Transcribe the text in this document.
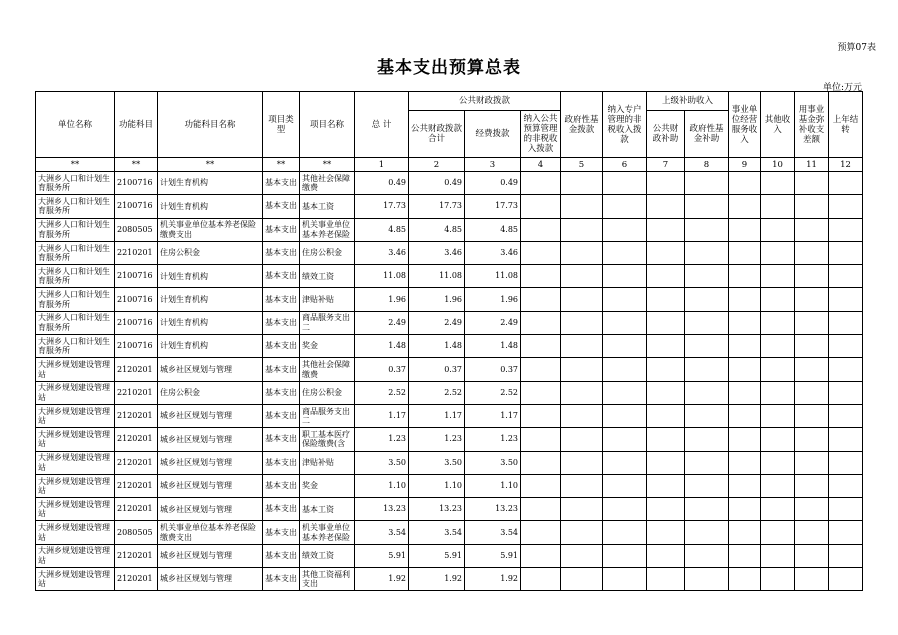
预算07表
基本支出预算总表
单位:万元
单位名称	功能科目	功能科目名称	项目类型	项目名称	总 计	公共财政拨款			政府性基金拨款	纳入专户管理的非税收入拨款	上级补助收入		事业单位经营服务收入	其他收入	用事业基金弥补收支差额	上年结转
						公共财政拨款合计	经费拨款	纳入公共预算管理的非税收入拨款			公共财政补助	政府性基金补助				
**	**	**	**	**	1	2	3	4	5	6	7	8	9	10	11	12
大洲乡人口和计划生育服务所	2100716	计划生育机构	基本支出	其他社会保障缴费	0.49	0.49	0.49									
大洲乡人口和计划生育服务所	2100716	计划生育机构	基本支出	基本工资	17.73	17.73	17.73									
大洲乡人口和计划生育服务所	2080505	机关事业单位基本养老保险缴费支出	基本支出	机关事业单位基本养老保险	4.85	4.85	4.85									
大洲乡人口和计划生育服务所	2210201	住房公积金	基本支出	住房公积金	3.46	3.46	3.46									
大洲乡人口和计划生育服务所	2100716	计划生育机构	基本支出	绩效工资	11.08	11.08	11.08									
大洲乡人口和计划生育服务所	2100716	计划生育机构	基本支出	津贴补贴	1.96	1.96	1.96									
大洲乡人口和计划生育服务所	2100716	计划生育机构	基本支出	商品服务支出二	2.49	2.49	2.49									
大洲乡人口和计划生育服务所	2100716	计划生育机构	基本支出	奖金	1.48	1.48	1.48									
大洲乡规划建设管理站	2120201	城乡社区规划与管理	基本支出	其他社会保障缴费	0.37	0.37	0.37									
大洲乡规划建设管理站	2210201	住房公积金	基本支出	住房公积金	2.52	2.52	2.52									
大洲乡规划建设管理站	2120201	城乡社区规划与管理	基本支出	商品服务支出二	1.17	1.17	1.17									
大洲乡规划建设管理站	2120201	城乡社区规划与管理	基本支出	职工基本医疗保险缴费(含	1.23	1.23	1.23									
大洲乡规划建设管理站	2120201	城乡社区规划与管理	基本支出	津贴补贴	3.50	3.50	3.50									
大洲乡规划建设管理站	2120201	城乡社区规划与管理	基本支出	奖金	1.10	1.10	1.10									
大洲乡规划建设管理站	2120201	城乡社区规划与管理	基本支出	基本工资	13.23	13.23	13.23									
大洲乡规划建设管理站	2080505	机关事业单位基本养老保险缴费支出	基本支出	机关事业单位基本养老保险	3.54	3.54	3.54									
大洲乡规划建设管理站	2120201	城乡社区规划与管理	基本支出	绩效工资	5.91	5.91	5.91									
大洲乡规划建设管理站	2120201	城乡社区规划与管理	基本支出	其他工资福利支出	1.92	1.92	1.92									
